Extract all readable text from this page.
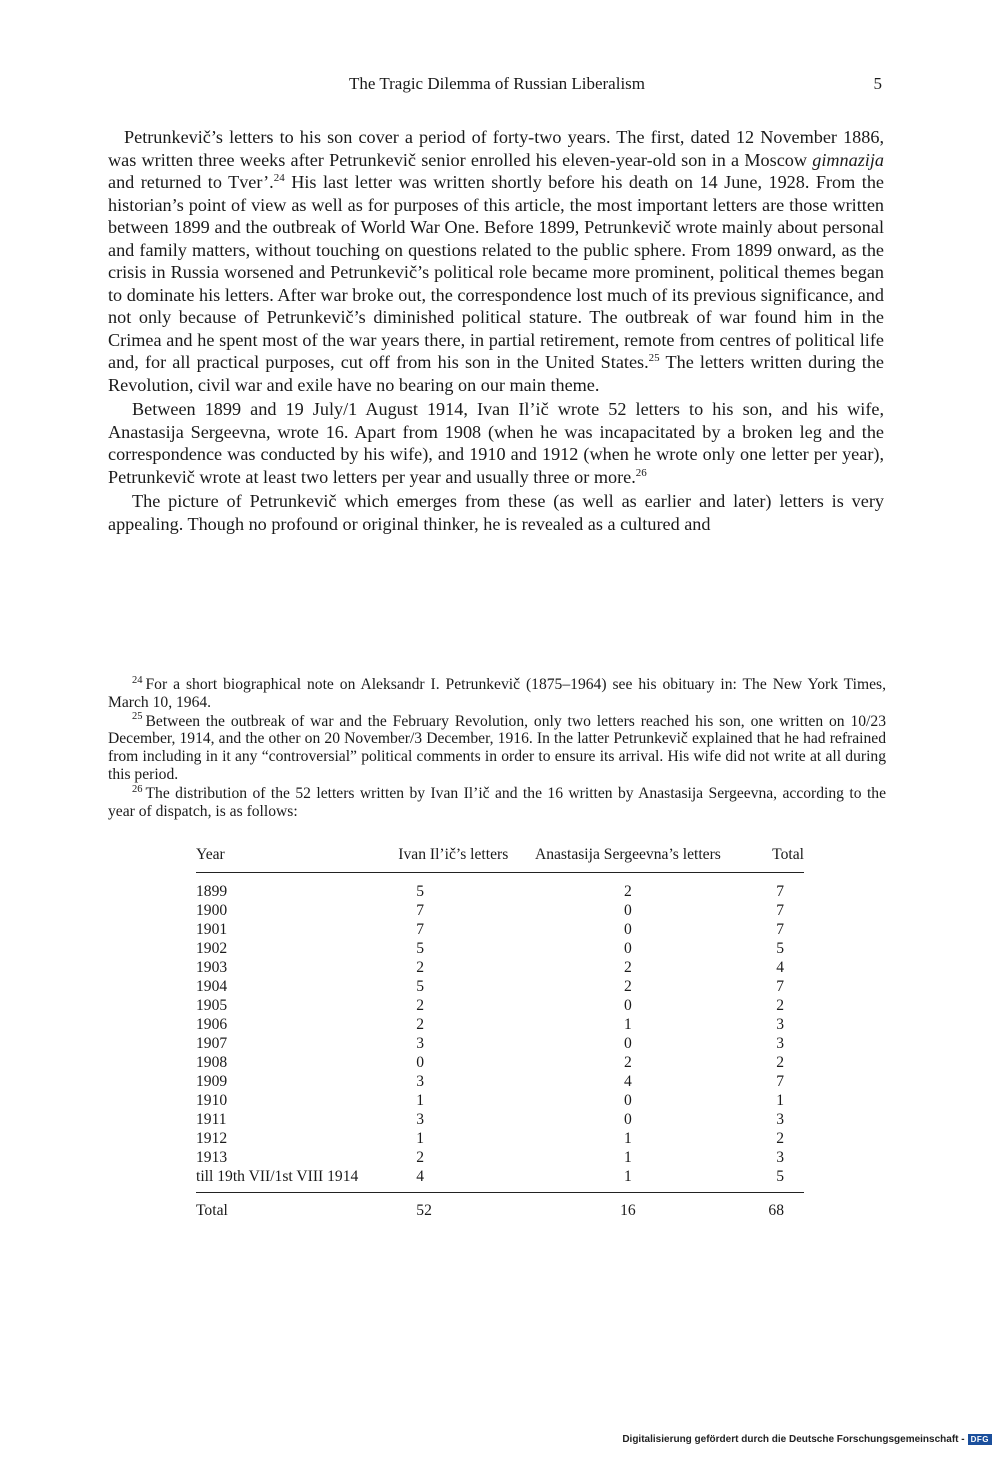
The Tragic Dilemma of Russian Liberalism	5

Petrunkevič’s letters to his son cover a period of forty-two years. The first, dated 12 November 1886, was written three weeks after Petrunkevič senior enrolled his eleven-year-old son in a Moscow gimnazija and returned to Tver’.$^{24}$ His last letter was written shortly before his death on 14 June, 1928. From the historian’s point of view as well as for purposes of this article, the most important letters are those written between 1899 and the outbreak of World War One. Before 1899, Petrunkevič wrote mainly about personal and family matters, without touching on questions related to the public sphere. From 1899 onward, as the crisis in Russia worsened and Petrunkevič’s political role became more prominent, political themes began to dominate his letters. After war broke out, the correspondence lost much of its previous significance, and not only because of Petrunkevič’s diminished political stature. The outbreak of war found him in the Crimea and he spent most of the war years there, in partial retirement, remote from centres of political life and, for all practical purposes, cut off from his son in the United States.$^{25}$ The letters written during the Revolution, civil war and exile have no bearing on our main theme.

Between 1899 and 19 July/1 August 1914, Ivan Il’ič wrote 52 letters to his son, and his wife, Anastasija Sergeevna, wrote 16. Apart from 1908 (when he was incapacitated by a broken leg and the correspondence was conducted by his wife), and 1910 and 1912 (when he wrote only one letter per year), Petrunkevič wrote at least two letters per year and usually three or more.$^{26}$

The picture of Petrunkevič which emerges from these (as well as earlier and later) letters is very appealing. Though no profound or original thinker, he is revealed as a cultured and

$^{24}$ For a short biographical note on Aleksandr I. Petrunkevič (1875–1964) see his obituary in: The New York Times, March 10, 1964.

$^{25}$ Between the outbreak of war and the February Revolution, only two letters reached his son, one written on 10/23 December, 1914, and the other on 20 November/3 December, 1916. In the latter Petrunkevič explained that he had refrained from including in it any “controversial” political comments in order to ensure its arrival. His wife did not write at all during this period.

$^{26}$ The distribution of the 52 letters written by Ivan Il’ič and the 16 written by Anastasija Sergeevna, according to the year of dispatch, is as follows:

Year	Ivan Il’ič’s letters	Anastasija Sergeevna’s letters	Total
1899	5	2	7
1900	7	0	7
1901	7	0	7
1902	5	0	5
1903	2	2	4
1904	5	2	7
1905	2	0	2
1906	2	1	3
1907	3	0	3
1908	0	2	2
1909	3	4	7
1910	1	0	1
1911	3	0	3
1912	1	1	2
1913	2	1	3
till 19th VII/1st VIII 1914	4	1	5
Total	52	16	68
Digitalisierung gefördert durch die Deutsche Forschungsgemeinschaft - DFG
